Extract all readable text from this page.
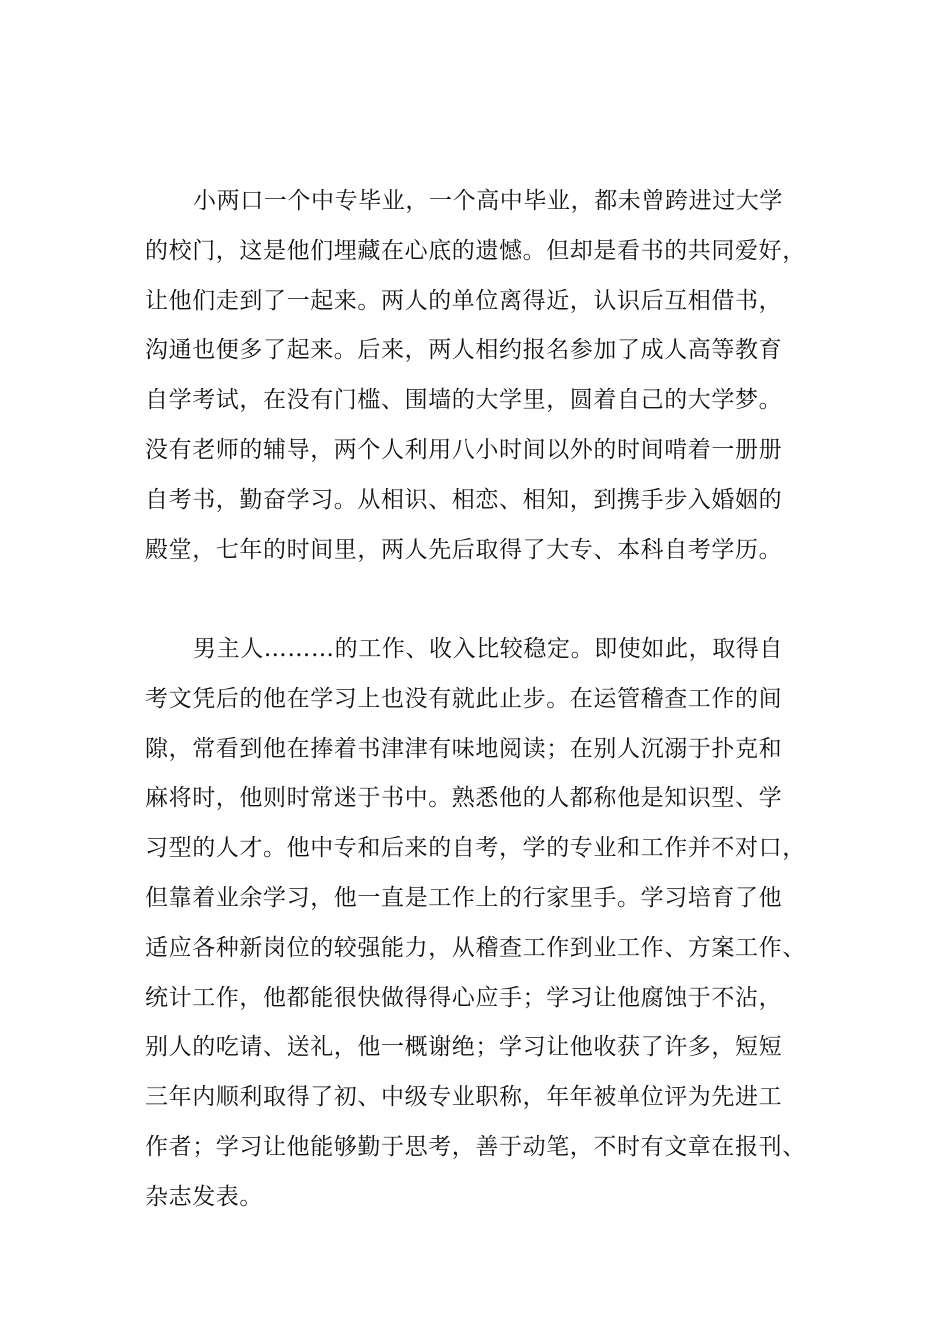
小两口一个中专毕业，一个高中毕业，都未曾跨进过大学
的校门，这是他们埋藏在心底的遗憾。但却是看书的共同爱好，
让他们走到了一起来。两人的单位离得近，认识后互相借书，
沟通也便多了起来。后来，两人相约报名参加了成人高等教育
自学考试，在没有门槛、围墙的大学里，圆着自己的大学梦。
没有老师的辅导，两个人利用八小时间以外的时间啃着一册册
自考书，勤奋学习。从相识、相恋、相知，到携手步入婚姻的
殿堂，七年的时间里，两人先后取得了大专、本科自考学历。
男主人………的工作、收入比较稳定。即使如此，取得自
考文凭后的他在学习上也没有就此止步。在运管稽查工作的间
隙，常看到他在捧着书津津有味地阅读；在别人沉溺于扑克和
麻将时，他则时常迷于书中。熟悉他的人都称他是知识型、学
习型的人才。他中专和后来的自考，学的专业和工作并不对口，
但靠着业余学习，他一直是工作上的行家里手。学习培育了他
适应各种新岗位的较强能力，从稽查工作到业工作、方案工作、
统计工作，他都能很快做得得心应手；学习让他腐蚀于不沾，
别人的吃请、送礼，他一概谢绝；学习让他收获了许多，短短
三年内顺利取得了初、中级专业职称，年年被单位评为先进工
作者；学习让他能够勤于思考，善于动笔，不时有文章在报刊、
杂志发表。
